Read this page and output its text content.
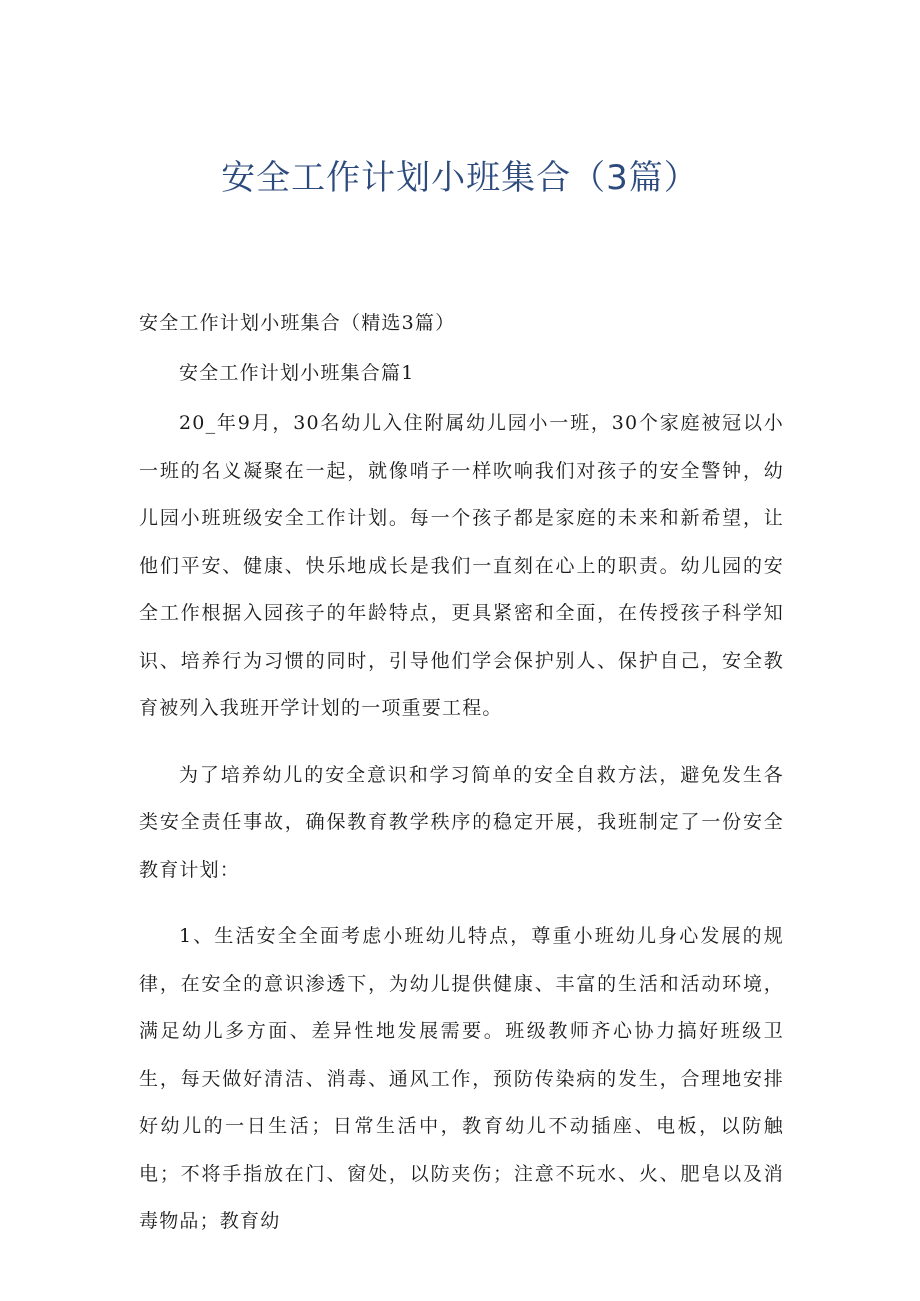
安全工作计划小班集合（3篇）

安全工作计划小班集合（精选3篇）

安全工作计划小班集合篇1

20_年9月，30名幼儿入住附属幼儿园小一班，30个家庭被冠以小一班的名义凝聚在一起，就像哨子一样吹响我们对孩子的安全警钟，幼儿园小班班级安全工作计划。每一个孩子都是家庭的未来和新希望，让他们平安、健康、快乐地成长是我们一直刻在心上的职责。幼儿园的安全工作根据入园孩子的年龄特点，更具紧密和全面，在传授孩子科学知识、培养行为习惯的同时，引导他们学会保护别人、保护自己，安全教育被列入我班开学计划的一项重要工程。

为了培养幼儿的安全意识和学习简单的安全自救方法，避免发生各类安全责任事故，确保教育教学秩序的稳定开展，我班制定了一份安全教育计划：

1、生活安全全面考虑小班幼儿特点，尊重小班幼儿身心发展的规律，在安全的意识渗透下，为幼儿提供健康、丰富的生活和活动环境，满足幼儿多方面、差异性地发展需要。班级教师齐心协力搞好班级卫生，每天做好清洁、消毒、通风工作，预防传染病的发生，合理地安排好幼儿的一日生活；日常生活中，教育幼儿不动插座、电板，以防触电；不将手指放在门、窗处，以防夹伤；注意不玩水、火、肥皂以及消毒物品；教育幼
